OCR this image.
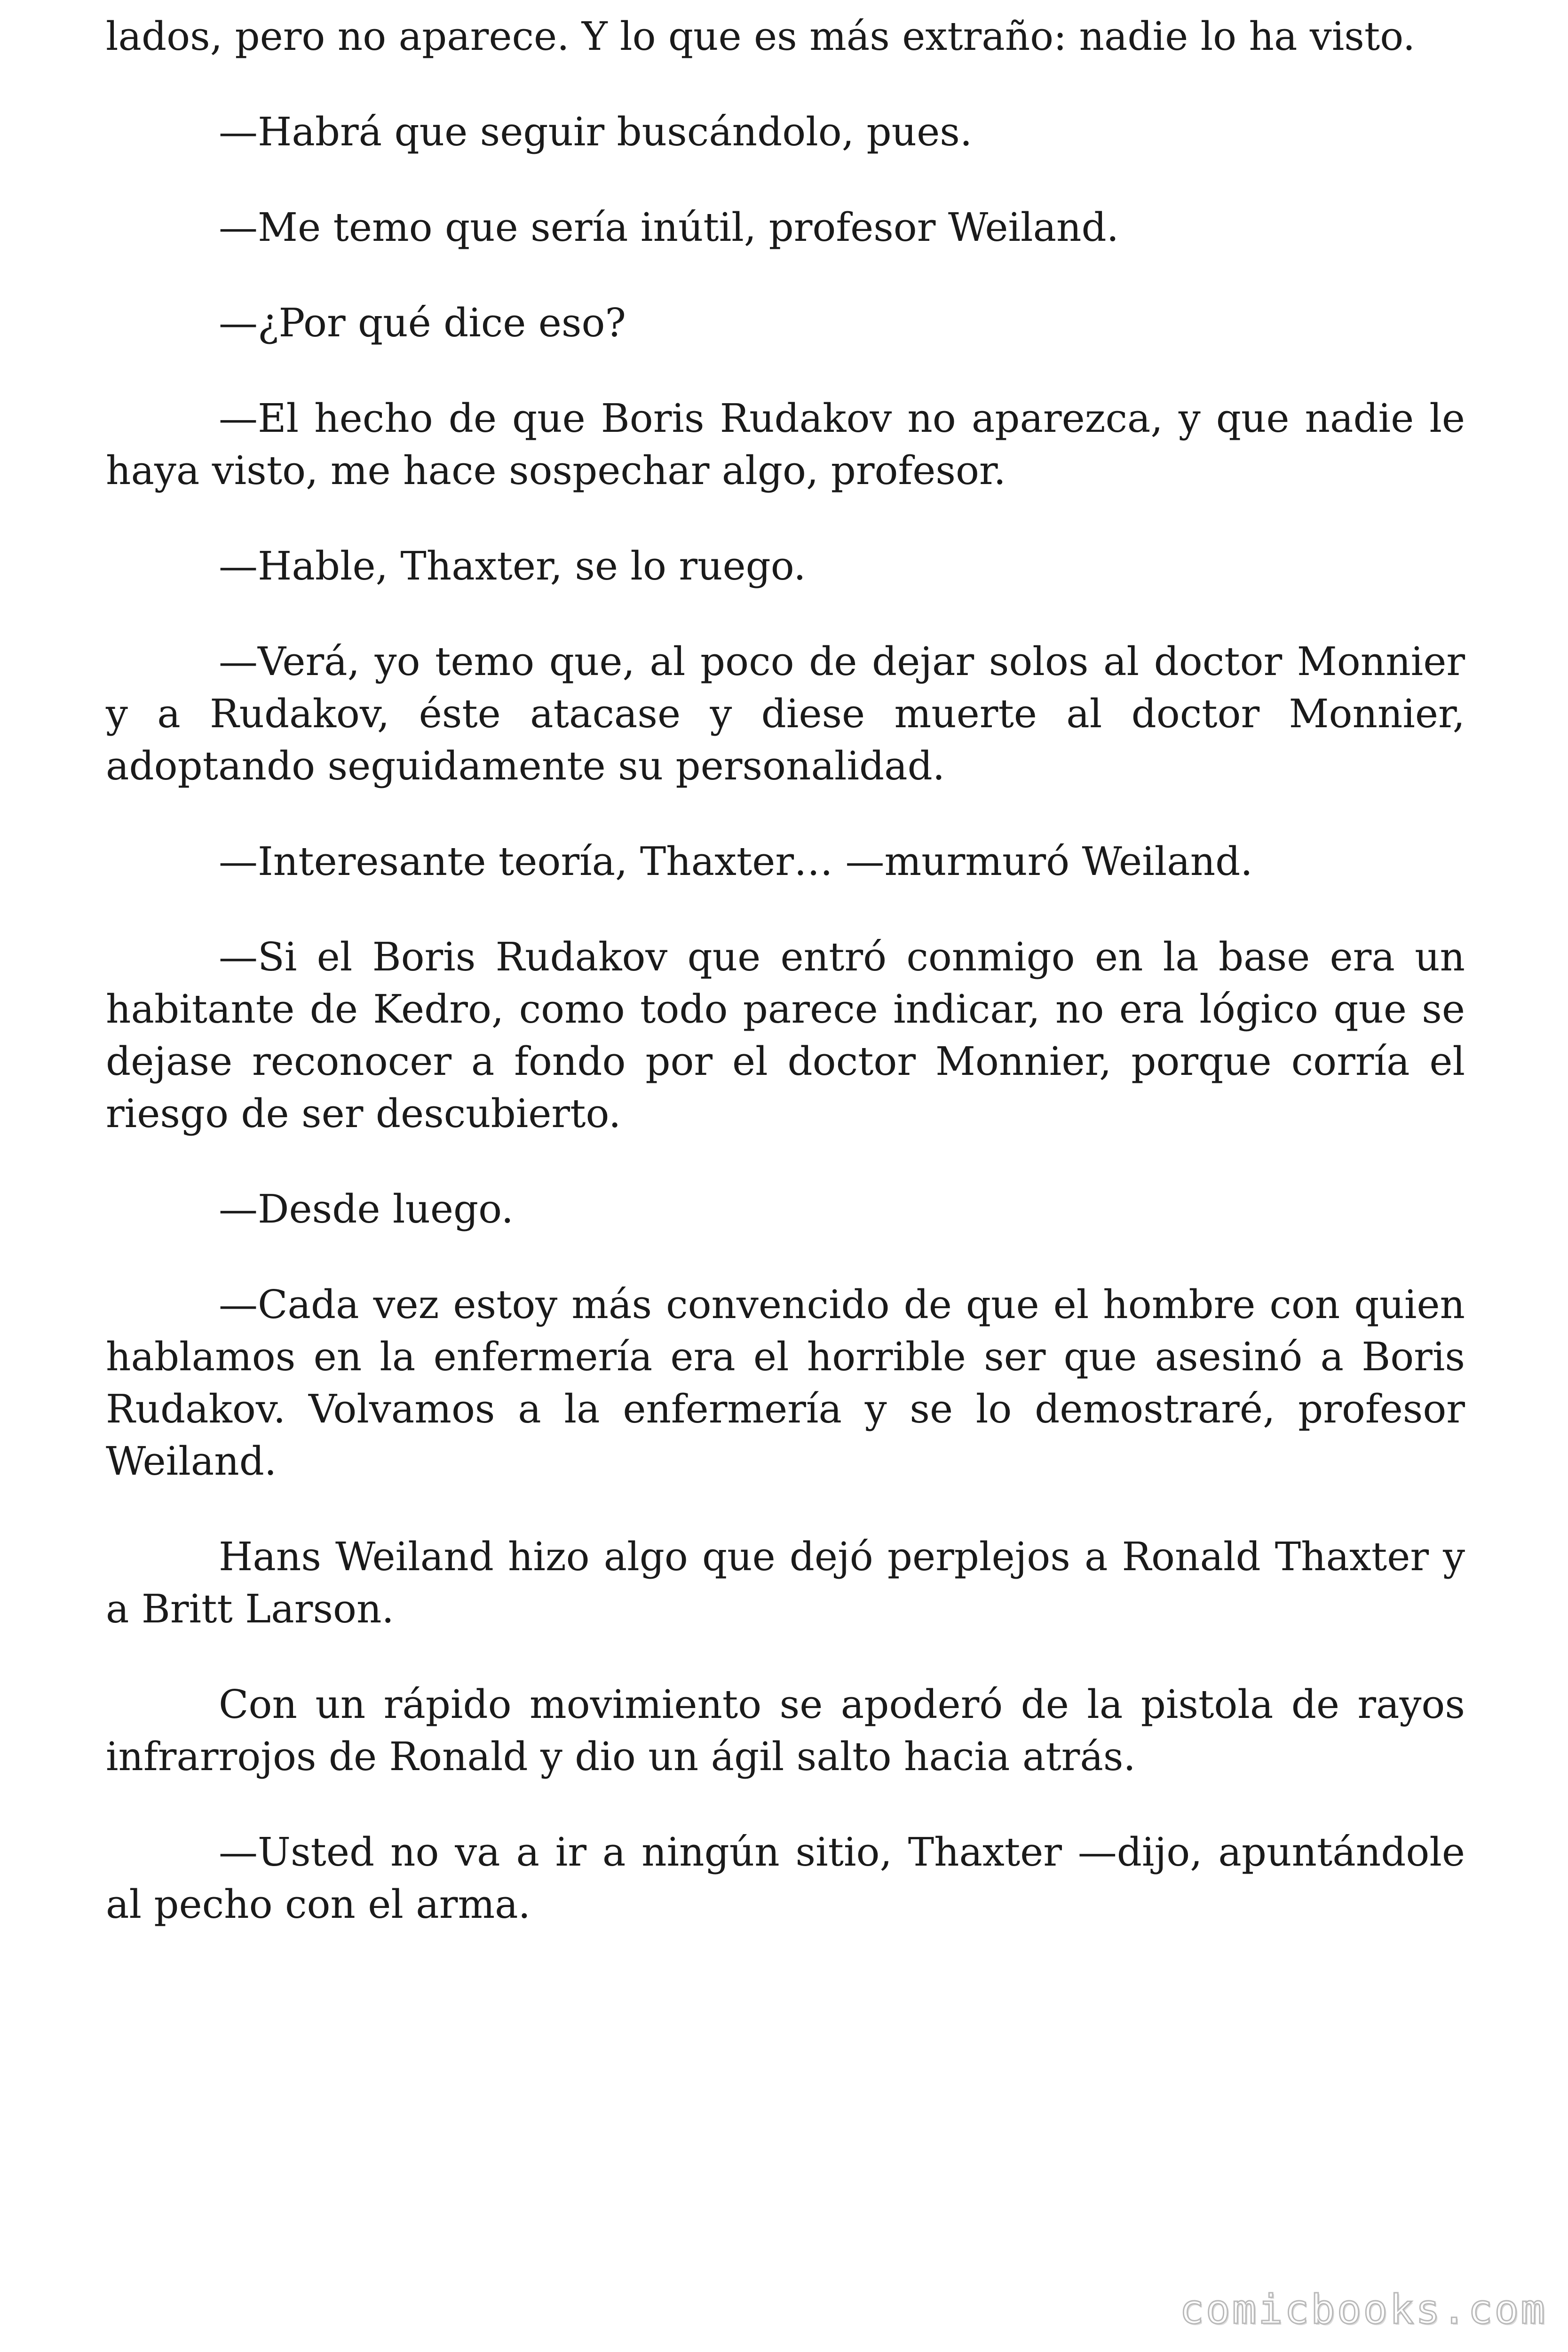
lados, pero no aparece. Y lo que es más extraño: nadie lo ha visto.

—Habrá que seguir buscándolo, pues.

—Me temo que sería inútil, profesor Weiland.

—¿Por qué dice eso?

—El hecho de que Boris Rudakov no aparezca, y que nadie le haya visto, me hace sospechar algo, profesor.

—Hable, Thaxter, se lo ruego.

—Verá, yo temo que, al poco de dejar solos al doctor Monnier y a Rudakov, éste atacase y diese muerte al doctor Monnier, adoptando seguidamente su personalidad.

—Interesante teoría, Thaxter… —murmuró Weiland.

—Si el Boris Rudakov que entró conmigo en la base era un habitante de Kedro, como todo parece indicar, no era lógico que se dejase reconocer a fondo por el doctor Monnier, porque corría el riesgo de ser descubierto.

—Desde luego.

—Cada vez estoy más convencido de que el hombre con quien hablamos en la enfermería era el horrible ser que asesinó a Boris Rudakov. Volvamos a la enfermería y se lo demostraré, profesor Weiland.

Hans Weiland hizo algo que dejó perplejos a Ronald Thaxter y a Britt Larson.

Con un rápido movimiento se apoderó de la pistola de rayos infrarrojos de Ronald y dio un ágil salto hacia atrás.

—Usted no va a ir a ningún sitio, Thaxter —dijo, apuntándole al pecho con el arma.

comicbooks.com
